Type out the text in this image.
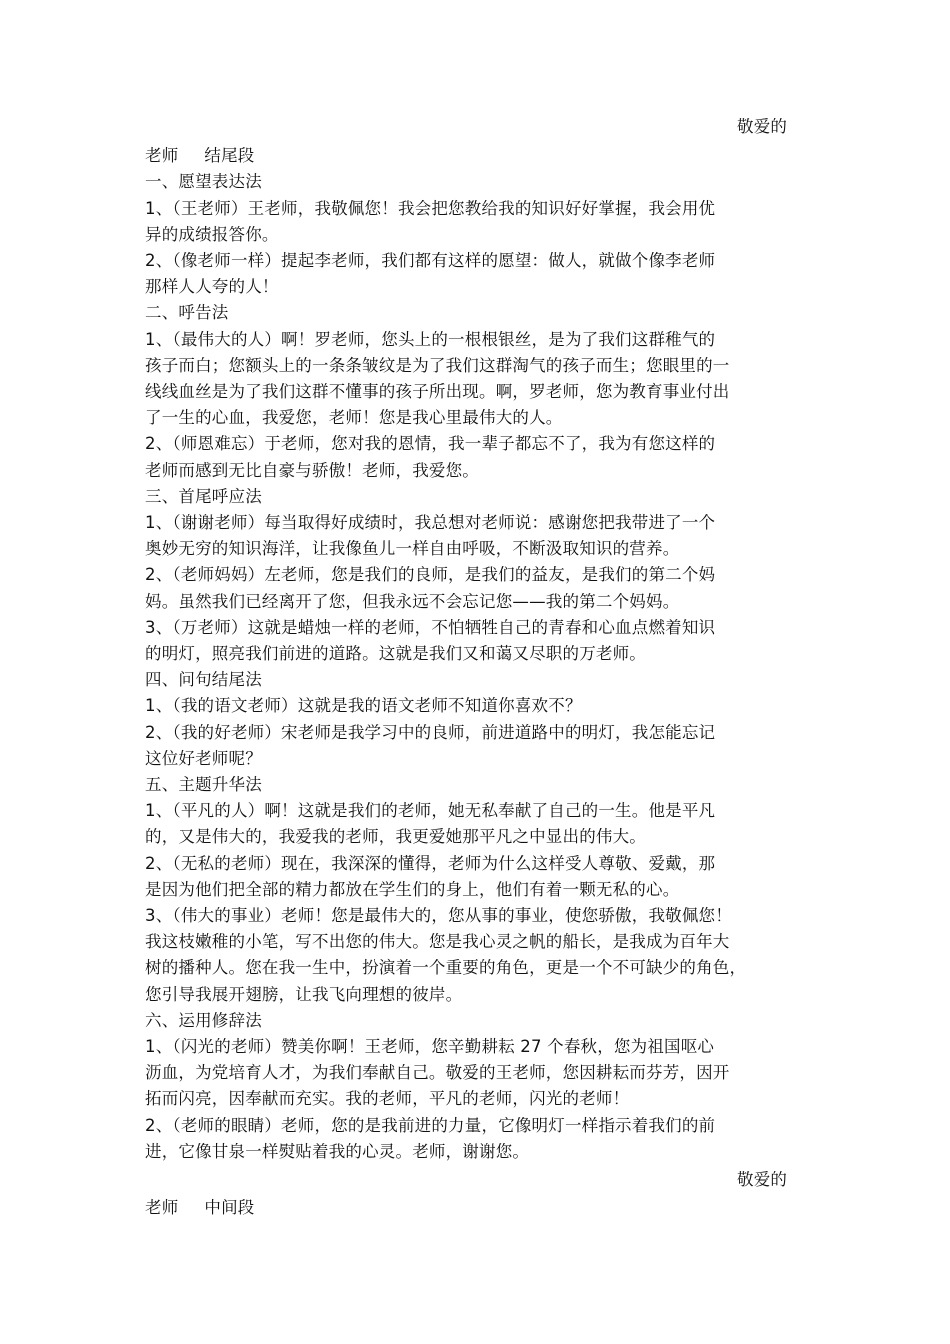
敬爱的
老师 结尾段
一、愿望表达法
1、（王老师）王老师，我敬佩您！我会把您教给我的知识好好掌握，我会用优
异的成绩报答你。
2、（像老师一样）提起李老师，我们都有这样的愿望：做人，就做个像李老师
那样人人夸的人！
二、呼告法
1、（最伟大的人）啊！罗老师，您头上的一根根银丝，是为了我们这群稚气的
孩子而白；您额头上的一条条皱纹是为了我们这群淘气的孩子而生；您眼里的一
线线血丝是为了我们这群不懂事的孩子所出现。啊，罗老师，您为教育事业付出
了一生的心血，我爱您，老师！您是我心里最伟大的人。
2、（师恩难忘）于老师，您对我的恩情，我一辈子都忘不了，我为有您这样的
老师而感到无比自豪与骄傲！老师，我爱您。
三、首尾呼应法
1、（谢谢老师）每当取得好成绩时，我总想对老师说：感谢您把我带进了一个
奥妙无穷的知识海洋，让我像鱼儿一样自由呼吸，不断汲取知识的营养。
2、（老师妈妈）左老师，您是我们的良师，是我们的益友，是我们的第二个妈
妈。虽然我们已经离开了您，但我永远不会忘记您——我的第二个妈妈。
3、（万老师）这就是蜡烛一样的老师，不怕牺牲自己的青春和心血点燃着知识
的明灯，照亮我们前进的道路。这就是我们又和蔼又尽职的万老师。
四、问句结尾法
1、（我的语文老师）这就是我的语文老师不知道你喜欢不？
2、（我的好老师）宋老师是我学习中的良师，前进道路中的明灯，我怎能忘记
这位好老师呢？
五、主题升华法
1、（平凡的人）啊！这就是我们的老师，她无私奉献了自己的一生。他是平凡
的，又是伟大的，我爱我的老师，我更爱她那平凡之中显出的伟大。
2、（无私的老师）现在，我深深的懂得，老师为什么这样受人尊敬、爱戴，那
是因为他们把全部的精力都放在学生们的身上，他们有着一颗无私的心。
3、（伟大的事业）老师！您是最伟大的，您从事的事业，使您骄傲，我敬佩您！
我这枝嫩稚的小笔，写不出您的伟大。您是我心灵之帆的船长，是我成为百年大
树的播种人。您在我一生中，扮演着一个重要的角色，更是一个不可缺少的角色，
您引导我展开翅膀，让我飞向理想的彼岸。
六、运用修辞法
1、（闪光的老师）赞美你啊！王老师，您辛勤耕耘 27 个春秋，您为祖国呕心
沥血，为党培育人才，为我们奉献自己。敬爱的王老师，您因耕耘而芬芳，因开
拓而闪亮，因奉献而充实。我的老师，平凡的老师，闪光的老师！
2、（老师的眼睛）老师，您的是我前进的力量，它像明灯一样指示着我们的前
进，它像甘泉一样熨贴着我的心灵。老师，谢谢您。
敬爱的
老师 中间段
